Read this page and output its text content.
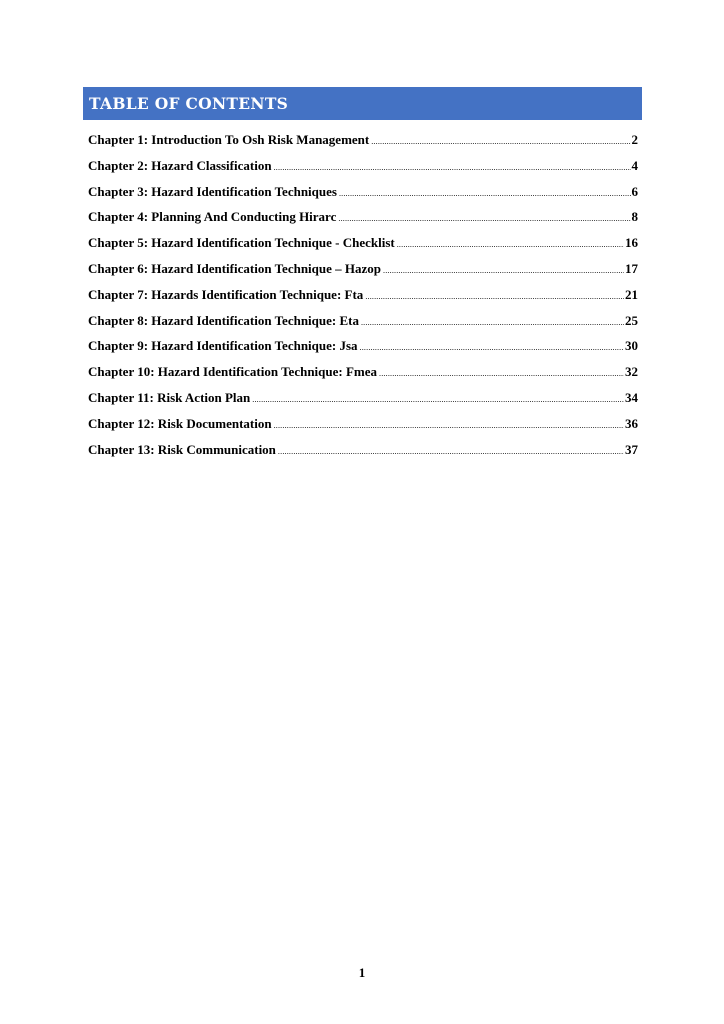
TABLE OF CONTENTS
Chapter 1: Introduction To Osh Risk Management .....	2
Chapter 2: Hazard Classification .....	4
Chapter 3: Hazard Identification Techniques .....	6
Chapter 4: Planning And Conducting Hirarc .....	8
Chapter 5: Hazard Identification Technique - Checklist .....	16
Chapter 6: Hazard Identification Technique – Hazop .....	17
Chapter 7: Hazards Identification Technique: Fta .....	21
Chapter 8: Hazard Identification Technique: Eta .....	25
Chapter 9: Hazard Identification Technique: Jsa .....	30
Chapter 10: Hazard Identification Technique: Fmea .....	32
Chapter 11: Risk Action Plan .....	34
Chapter 12: Risk Documentation .....	36
Chapter 13: Risk Communication .....	37
1
